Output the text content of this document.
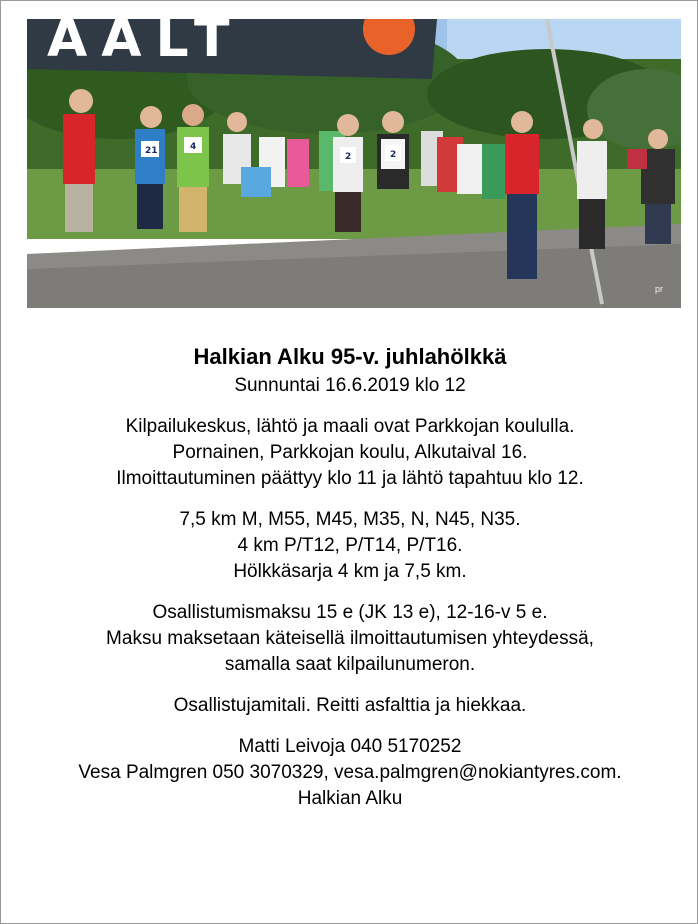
21	4
2	2
AALT
pr

Halkian Alku 95-v. juhlahölkkä

Sunnuntai 16.6.2019 klo 12

Kilpailukeskus, lähtö ja maali ovat Parkkojan koululla.

Pornainen, Parkkojan koulu, Alkutaival 16.

Ilmoittautuminen päättyy klo 11 ja lähtö tapahtuu klo 12.

7,5 km M, M55, M45, M35, N, N45, N35.

4 km P/T12, P/T14, P/T16.

Hölkkäsarja 4 km ja 7,5 km.

Osallistumismaksu 15 e (JK 13 e), 12-16-v 5 e.

Maksu maksetaan käteisellä ilmoittautumisen yhteydessä,

samalla saat kilpailunumeron.

Osallistujamitali. Reitti asfalttia ja hiekkaa.

Matti Leivoja 040 5170252

Vesa Palmgren 050 3070329, vesa.palmgren@nokiantyres.com.

Halkian Alku
